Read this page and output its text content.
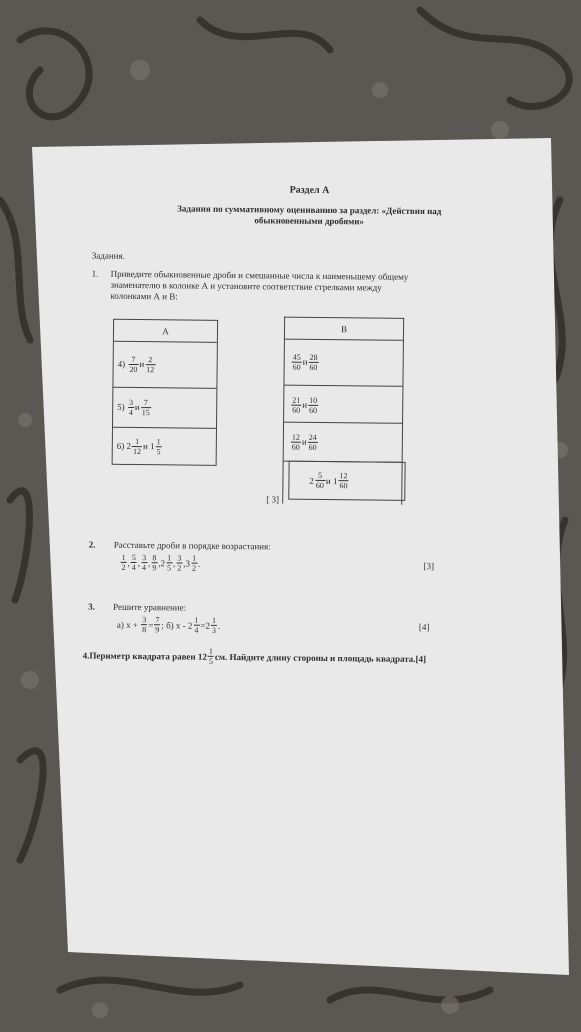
Раздел А
Задания по суммативному оцениванию за раздел: «Действия над
обыкновенными дробями»
Задания.
1. Приведите обыкновенные дроби и смешанные числа к наименьшему общему
знаменателю в колонке А и установите соответствие стрелками между
колонками А и В:
A
4)
$\frac{7}{20}$ и $\frac{2}{12}$
5)
$\frac{3}{4}$ и $\frac{7}{15}$
6)
$2 \frac{1}{12}$ и
$1 \frac{1}{5}$
B
$\frac{45}{60}$ и $\frac{28}{60}$
$\frac{21}{60}$ и $\frac{10}{60}$
$\frac{12}{60}$ и $\frac{24}{60}$
$2 \frac{5}{60}$ и
$1 \frac{12}{60}$
[ 3]
2. Расставьте дроби в порядке возрастания:
$\frac{1}{2}$ , $\frac{5}{4}$ , $\frac{3}{4}$ , $\frac{8}{9}$ , $2 \frac{1}{5}$ , $\frac{3}{2}$ , $3 \frac{1}{2}$ .	[3]
3. Решите уравнение:
а) x +
$\frac{3}{8} = \frac{7}{9}$ ;
б) $x - 2 \frac{1}{4} = 2 \frac{1}{3}$ .	[4]
4.Периметр квадрата равен $12 \frac{1}{5}$ см. Найдите длину стороны и площадь квадрата. [4]
